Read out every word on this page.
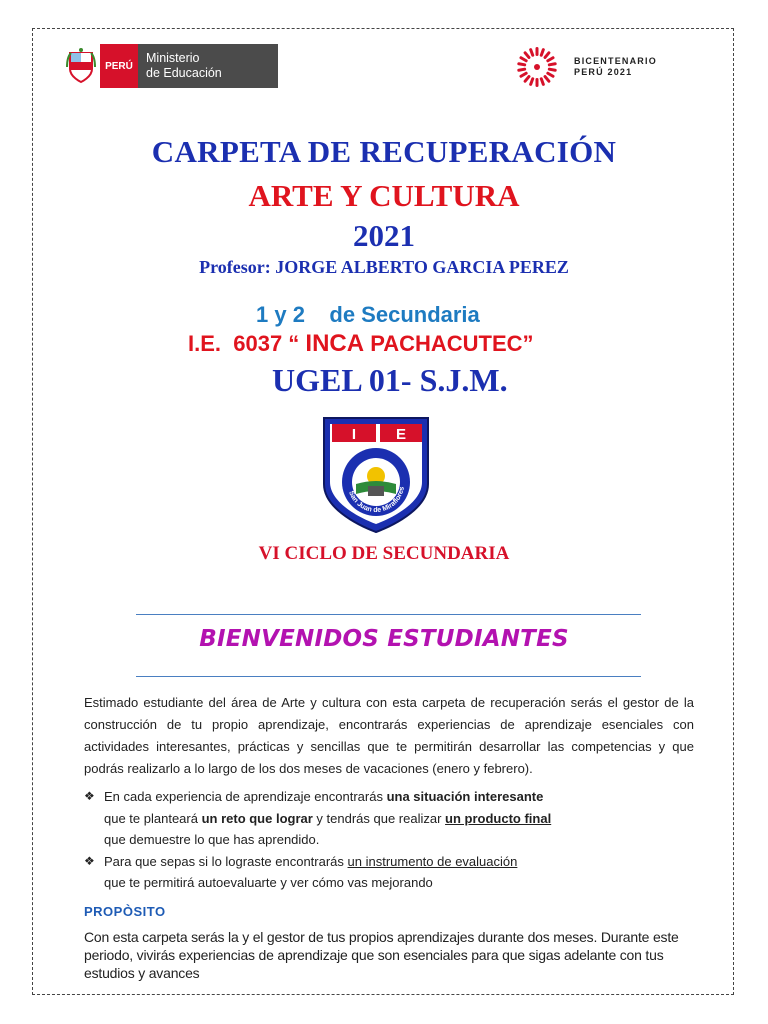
PERÚ
Ministerio
de Educación
BICENTENARIO
PERÚ 2021
CARPETA DE RECUPERACIÓN
ARTE Y CULTURA
2021
Profesor: JORGE ALBERTO GARCIA PEREZ
1 y 2 de Secundaria
I.E.  6037 “ INCA PACHACUTEC”
UGEL 01- S.J.M.
I	E
San Juan de Miraflores
VI CICLO DE SECUNDARIA
BIENVENIDOS ESTUDIANTES
Estimado estudiante del área de Arte y cultura con esta carpeta de recuperación serás el gestor de la construcción de tu propio aprendizaje, encontrarás experiencias de aprendizaje esenciales con actividades interesantes, prácticas y sencillas que te permitirán desarrollar las competencias y que podrás realizarlo a lo largo de los dos meses de vacaciones (enero y febrero).
❖ En cada experiencia de aprendizaje encontrarás una situación interesante
que te planteará un reto que lograr y tendrás que realizar un producto final
que demuestre lo que has aprendido.
❖ Para que sepas si lo lograste encontrarás un instrumento de evaluación
que te permitirá autoevaluarte y ver cómo vas mejorando
PROPÒSITO
Con esta carpeta serás la y el gestor de tus propios aprendizajes durante dos meses. Durante este periodo, vivirás experiencias de aprendizaje que son esenciales para que sigas adelante con tus estudios y avances
